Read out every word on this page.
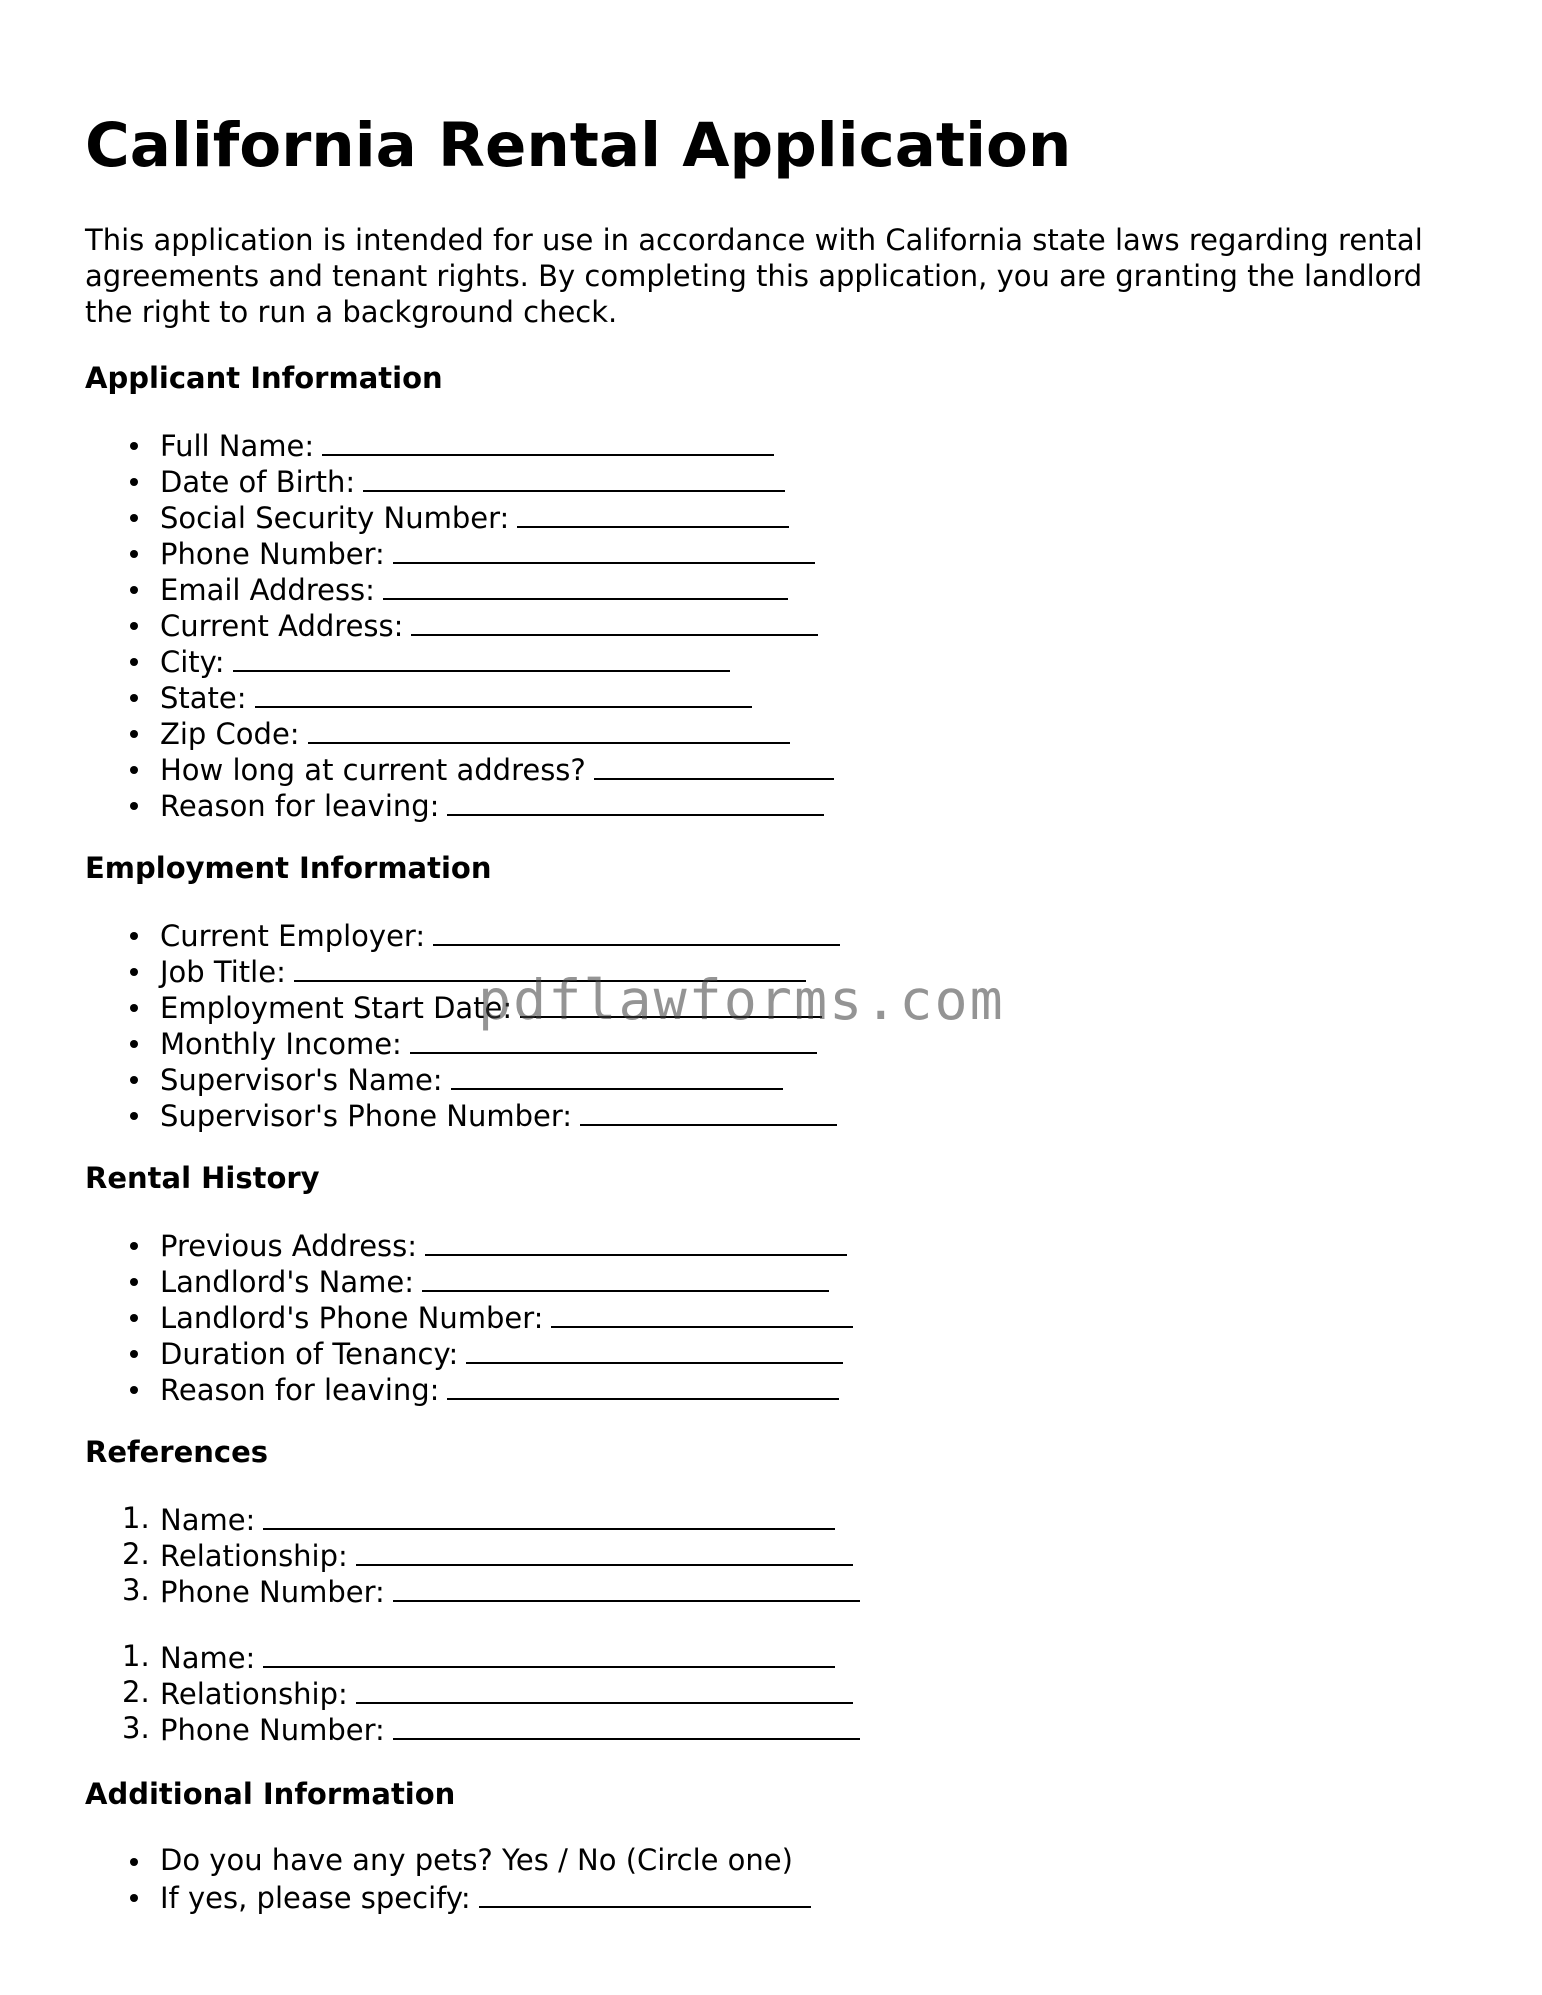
California Rental Application

This application is intended for use in accordance with California state laws regarding rental agreements and tenant rights. By completing this application, you are granting the landlord the right to run a background check.

Applicant Information
Full Name:
Date of Birth:
Social Security Number:
Phone Number:
Email Address:
Current Address:
City:
State:
Zip Code:
How long at current address?
Reason for leaving:
Employment Information
Current Employer:
Job Title:
Employment Start Date:
Monthly Income:
Supervisor's Name:
Supervisor's Phone Number:
Rental History
Previous Address:
Landlord's Name:
Landlord's Phone Number:
Duration of Tenancy:
Reason for leaving:
References
1. Name:
2. Relationship:
3. Phone Number:
1. Name:
2. Relationship:
3. Phone Number:
Additional Information
Do you have any pets? Yes / No (Circle one)
If yes, please specify:
pdflawforms.com
